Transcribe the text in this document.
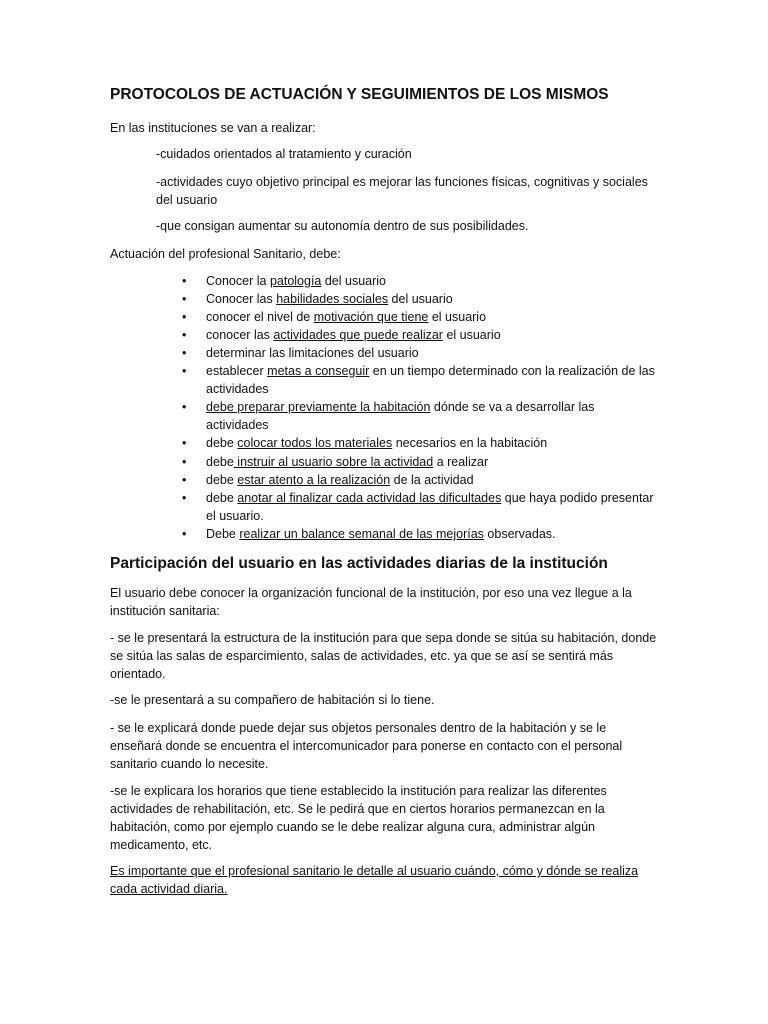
PROTOCOLOS DE ACTUACIÓN Y SEGUIMIENTOS DE LOS MISMOS
En las instituciones se van a realizar:
-cuidados orientados al tratamiento y curación
-actividades cuyo objetivo principal es mejorar las funciones físicas, cognitivas y sociales del usuario
-que consigan aumentar su autonomía dentro de sus posibilidades.
Actuación del profesional Sanitario, debe:
• Conocer la patología del usuario
• Conocer las habilidades sociales del usuario
• conocer el nivel de motivación que tiene el usuario
• conocer las actividades que puede realizar el usuario
• determinar las limitaciones del usuario
• establecer metas a conseguir en un tiempo determinado con la realización de las actividades
• debe preparar previamente la habitación dónde se va a desarrollar las actividades
• debe colocar todos los materiales necesarios en la habitación
• debe instruir al usuario sobre la actividad a realizar
• debe estar atento a la realización de la actividad
• debe anotar al finalizar cada actividad las dificultades que haya podido presentar el usuario.
• Debe realizar un balance semanal de las mejorías observadas.
Participación del usuario en las actividades diarias de la institución
El usuario debe conocer la organización funcional de la institución, por eso una vez llegue a la institución sanitaria:
- se le presentará la estructura de la institución para que sepa donde se sitúa su habitación, donde se sitúa las salas de esparcimiento, salas de actividades, etc. ya que se así se sentirá más orientado.
-se le presentará a su compañero de habitación si lo tiene.
- se le explicará donde puede dejar sus objetos personales dentro de la habitación y se le enseñará donde se encuentra el intercomunicador para ponerse en contacto con el personal sanitario cuando lo necesite.
-se le explicara los horarios que tiene establecido la institución para realizar las diferentes actividades de rehabilitación, etc. Se le pedirá que en ciertos horarios permanezcan en la habitación, como por ejemplo cuando se le debe realizar alguna cura, administrar algún medicamento, etc.
Es importante que el profesional sanitario le detalle al usuario cuándo, cómo y dónde se realiza cada actividad diaria.
